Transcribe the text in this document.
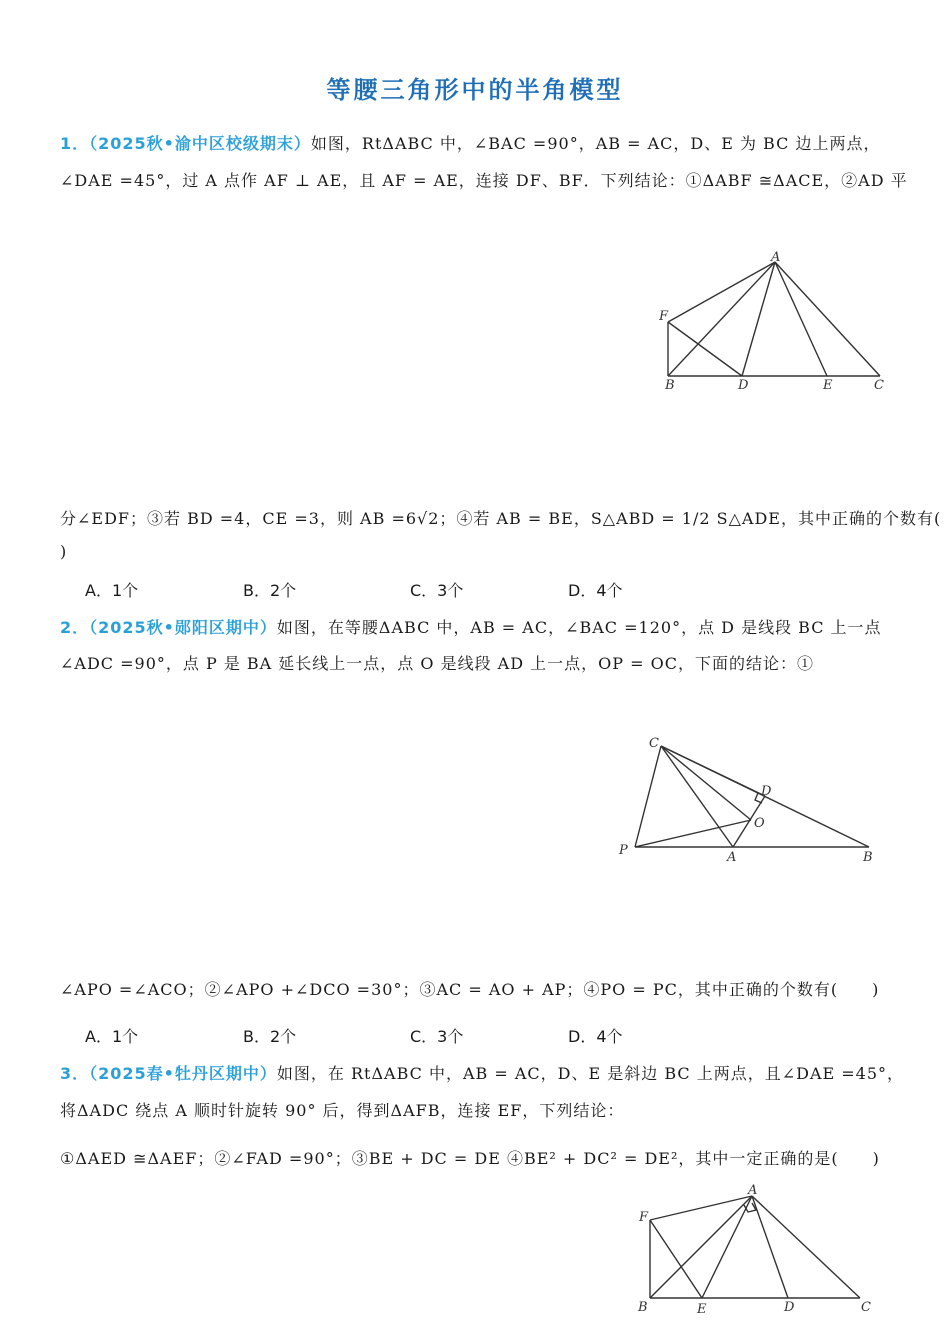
等腰三角形中的半角模型
1．（2025秋•渝中区校级期末）如图，RtΔABC 中，∠BAC =90°，AB = AC，D、E 为 BC 边上两点，
∠DAE =45°，过 A 点作 AF ⊥ AE，且 AF = AE，连接 DF、BF．下列结论：①ΔABF ≅ΔACE，②AD 平
A
F
B	D	E	C
分∠EDF；③若 BD =4，CE =3，则 AB =6√2；④若 AB = BE，S△ABD = 1/2 S△ADE，其中正确的个数有(
)
A．1个	B．2个	C．3个	D．4个
2．（2025秋•郧阳区期中）如图，在等腰ΔABC 中，AB = AC，∠BAC =120°，点 D 是线段 BC 上一点
∠ADC =90°，点 P 是 BA 延长线上一点，点 O 是线段 AD 上一点，OP = OC，下面的结论：①
C
D
O
P	A	B
∠APO =∠ACO；②∠APO +∠DCO =30°；③AC = AO + AP；④PO = PC，其中正确的个数有(　　)
A．1个	B．2个	C．3个	D．4个
3．（2025春•牡丹区期中）如图，在 RtΔABC 中，AB = AC，D、E 是斜边 BC 上两点，且∠DAE =45°，
将ΔADC 绕点 A 顺时针旋转 90° 后，得到ΔAFB，连接 EF，下列结论：
①ΔAED ≅ΔAEF；②∠FAD =90°；③BE + DC = DE ④BE² + DC² = DE²，其中一定正确的是(　　)
A
F
B	E	D	C
